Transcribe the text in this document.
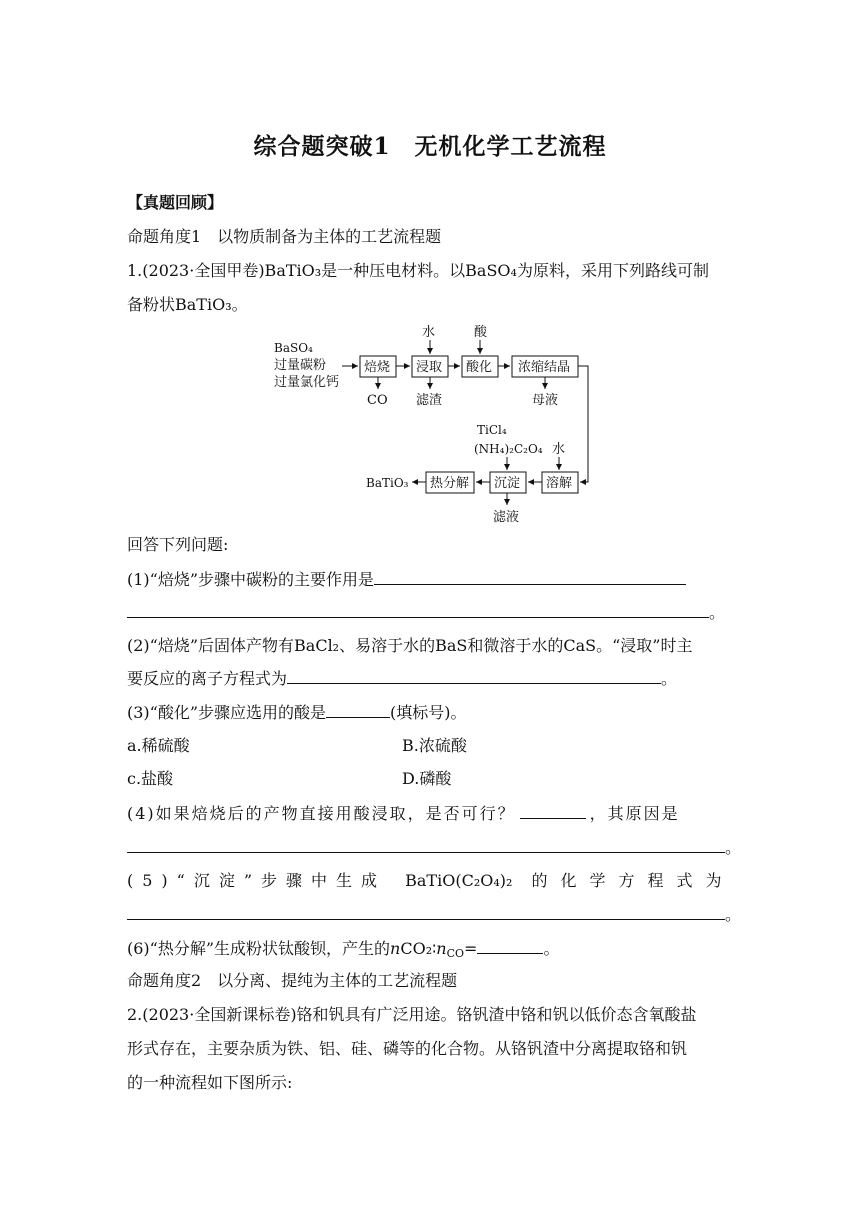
综合题突破1　无机化学工艺流程
【真题回顾】
命题角度1　以物质制备为主体的工艺流程题
1.(2023·全国甲卷)BaTiO₃是一种压电材料。以BaSO₄为原料，采用下列路线可制
备粉状BaTiO₃。
BaSO₄
过量碳粉
过量氯化钙
焙烧 浸取 酸化 浓缩结晶
水	酸
CO 滤渣	母液
TiCl₄
(NH₄)₂C₂O₄ 水
溶解
沉淀
热分解
BaTiO₃
滤液
回答下列问题:
(1)“焙烧”步骤中碳粉的主要作用是
。
(2)“焙烧”后固体产物有BaCl₂、易溶于水的BaS和微溶于水的CaS。“浸取”时主
要反应的离子方程式为	。
(3)“酸化”步骤应选用的酸是	(填标号)。
a.稀硫酸	B.浓硫酸
c.盐酸	D.磷酸
(4)如果焙烧后的产物直接用酸浸取，是否可行？	，其原因是
。
(5)“沉淀”步骤中生成 BaTiO(C₂O₄)₂ 的化学方程式为
。
(6)“热分解”生成粉状钛酸钡，产生的$nCO_2∶n_{CO}=$	。
命题角度2　以分离、提纯为主体的工艺流程题
2.(2023·全国新课标卷)铬和钒具有广泛用途。铬钒渣中铬和钒以低价态含氧酸盐
形式存在，主要杂质为铁、铝、硅、磷等的化合物。从铬钒渣中分离提取铬和钒
的一种流程如下图所示:
